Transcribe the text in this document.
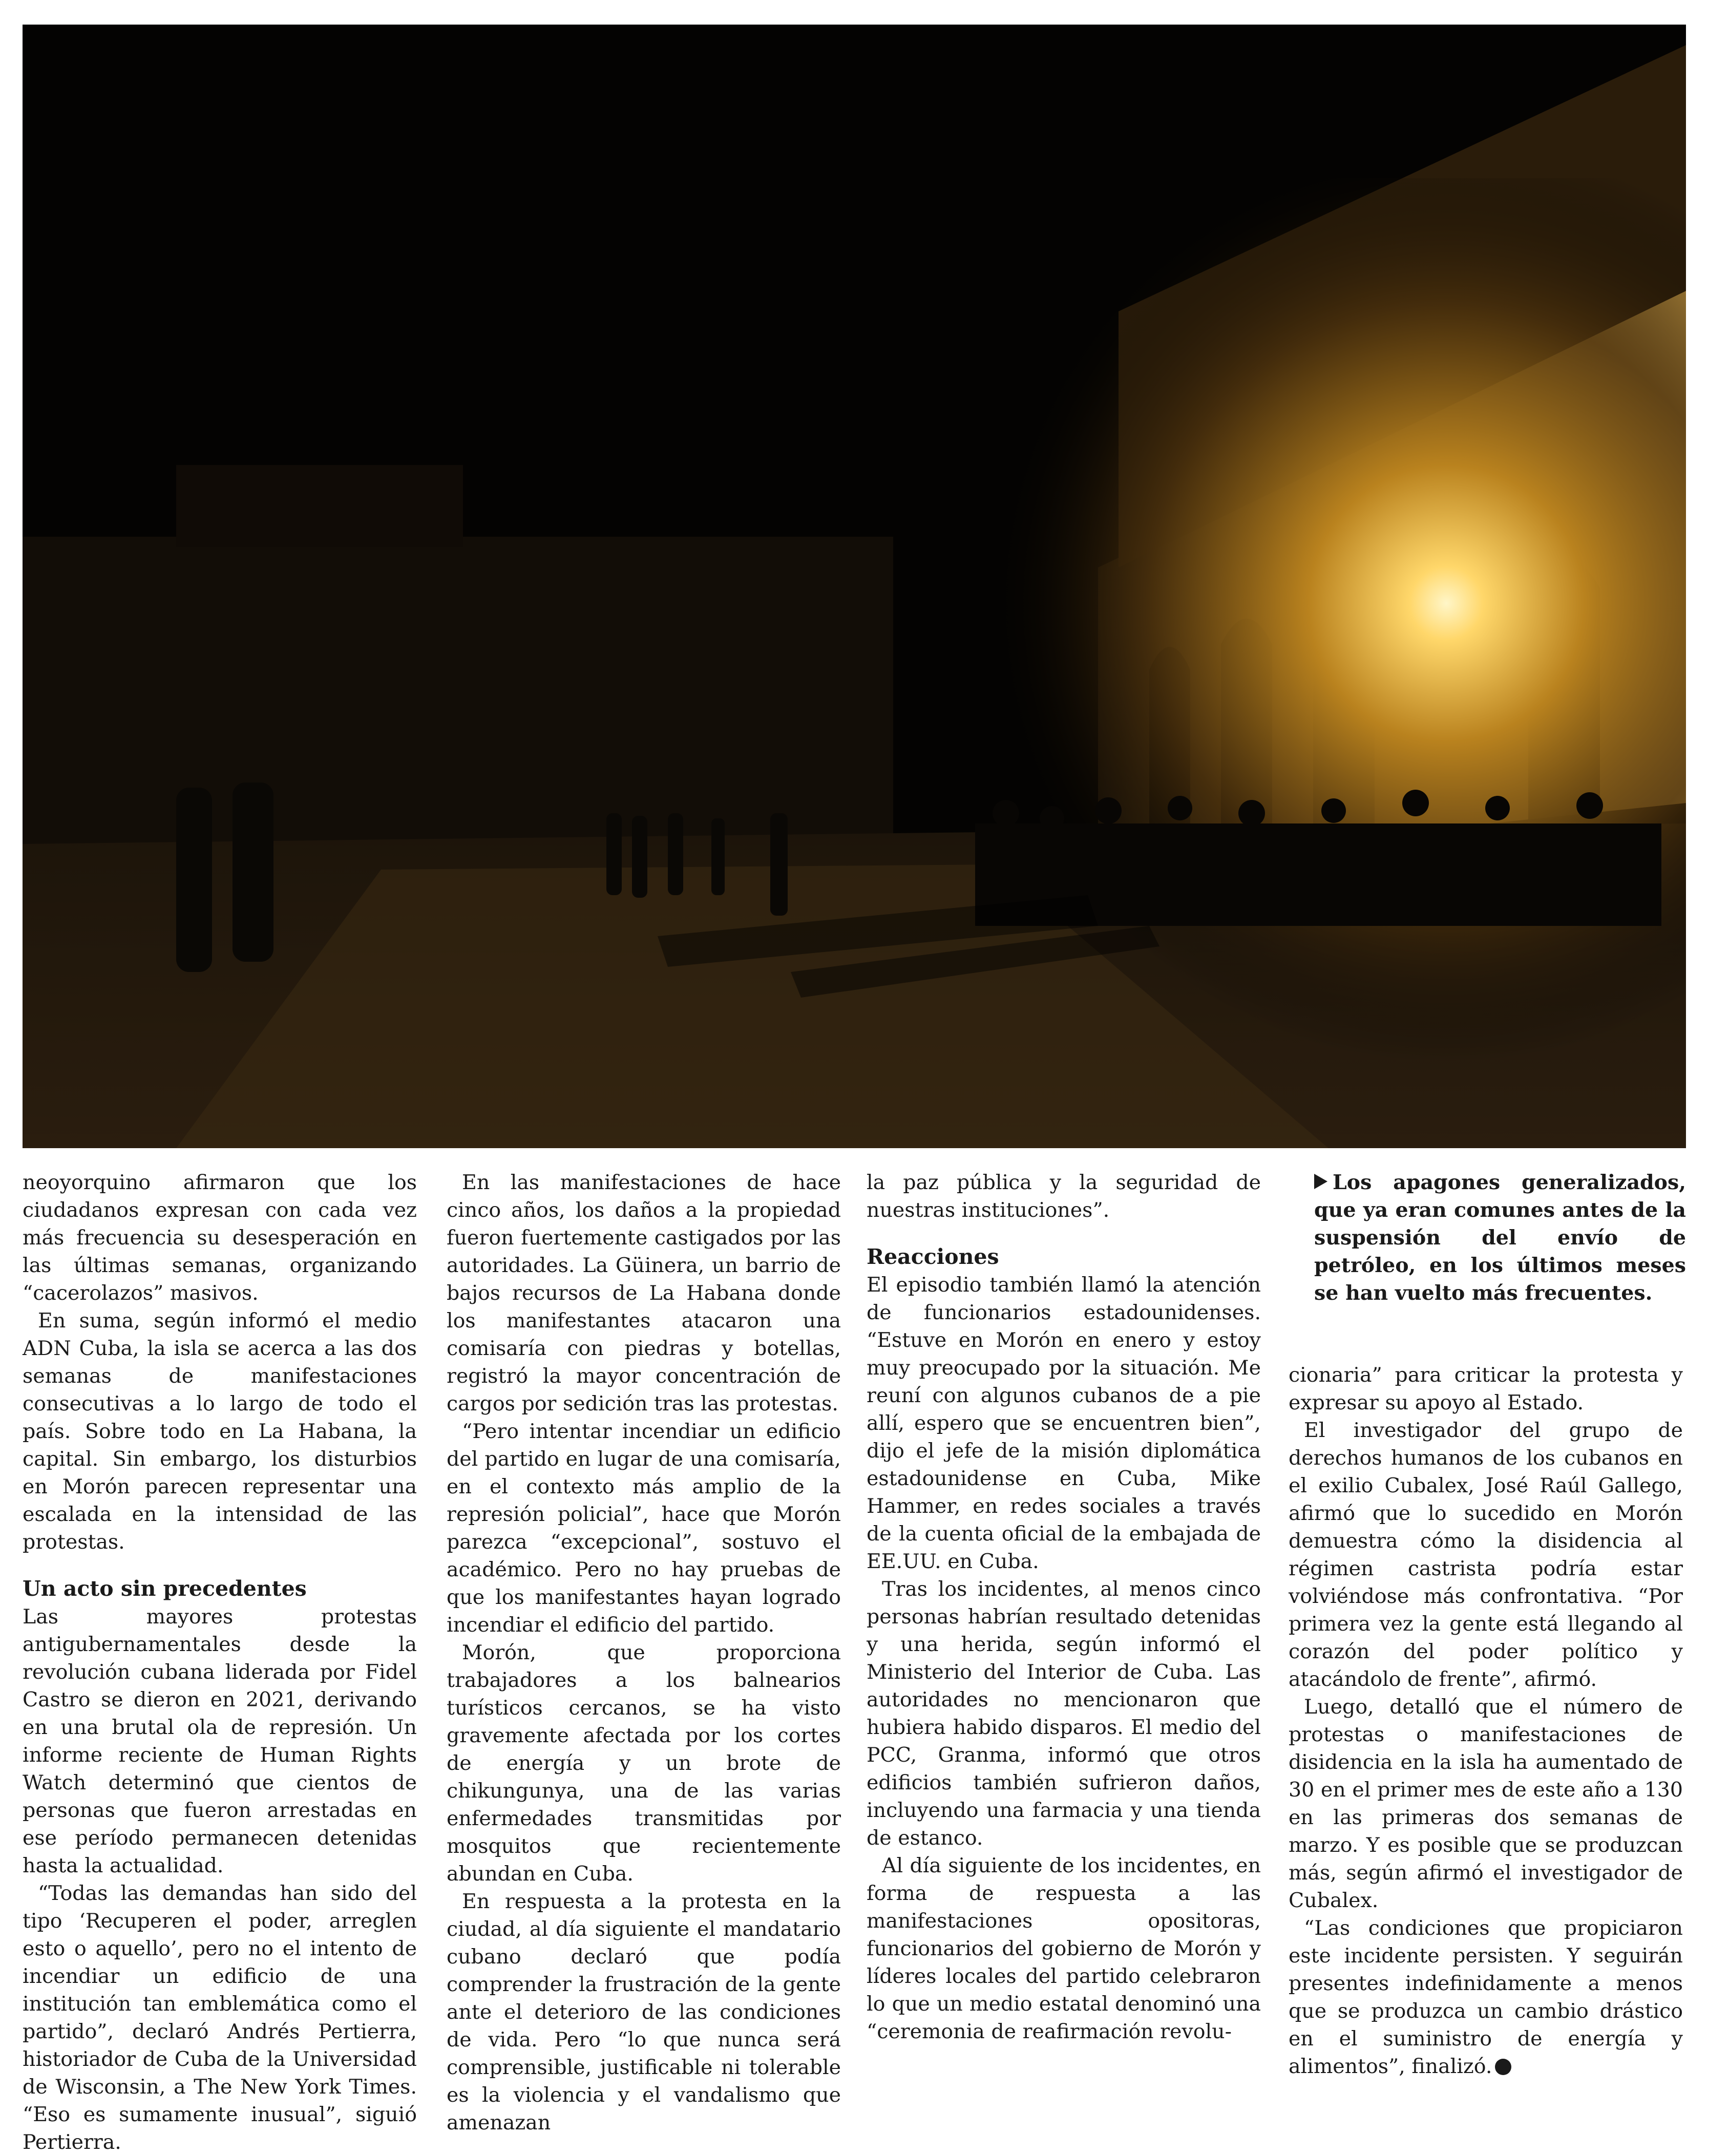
neoyorquino afirmaron que los ciudadanos expresan con cada vez más frecuencia su desesperación en las últimas semanas, organizando “cacerolazos” masivos.

En suma, según informó el medio ADN Cuba, la isla se acerca a las dos semanas de manifestaciones consecutivas a lo largo de todo el país. Sobre todo en La Habana, la capital. Sin embargo, los disturbios en Morón parecen representar una escalada en la intensidad de las protestas.

Un acto sin precedentes

Las mayores protestas antigubernamentales desde la revolución cubana liderada por Fidel Castro se dieron en 2021, derivando en una brutal ola de represión. Un informe reciente de Human Rights Watch determinó que cientos de personas que fueron arrestadas en ese período permanecen detenidas hasta la actualidad.

“Todas las demandas han sido del tipo ‘Recuperen el poder, arreglen esto o aquello’, pero no el intento de incendiar un edificio de una institución tan emblemática como el partido”, declaró Andrés Pertierra, historiador de Cuba de la Universidad de Wisconsin, a The New York Times. “Eso es sumamente inusual”, siguió Pertierra.

En las manifestaciones de hace cinco años, los daños a la propiedad fueron fuertemente castigados por las autoridades. La Güinera, un barrio de bajos recursos de La Habana donde los manifestantes atacaron una comisaría con piedras y botellas, registró la mayor concentración de cargos por sedición tras las protestas.

“Pero intentar incendiar un edificio del partido en lugar de una comisaría, en el contexto más amplio de la represión policial”, hace que Morón parezca “excepcional”, sostuvo el académico. Pero no hay pruebas de que los manifestantes hayan logrado incendiar el edificio del partido.

Morón, que proporciona trabajadores a los balnearios turísticos cercanos, se ha visto gravemente afectada por los cortes de energía y un brote de chikungunya, una de las varias enfermedades transmitidas por mosquitos que recientemente abundan en Cuba.

En respuesta a la protesta en la ciudad, al día siguiente el mandatario cubano declaró que podía comprender la frustración de la gente ante el deterioro de las condiciones de vida. Pero “lo que nunca será comprensible, justificable ni tolerable es la violencia y el vandalismo que amenazan

la paz pública y la seguridad de nuestras instituciones”.

Reacciones

El episodio también llamó la atención de funcionarios estadounidenses. “Estuve en Morón en enero y estoy muy preocupado por la situación. Me reuní con algunos cubanos de a pie allí, espero que se encuentren bien”, dijo el jefe de la misión diplomática estadounidense en Cuba, Mike Hammer, en redes sociales a través de la cuenta oficial de la embajada de EE.UU. en Cuba.

Tras los incidentes, al menos cinco personas habrían resultado detenidas y una herida, según informó el Ministerio del Interior de Cuba. Las autoridades no mencionaron que hubiera habido disparos. El medio del PCC, Granma, informó que otros edificios también sufrieron daños, incluyendo una farmacia y una tienda de estanco.

Al día siguiente de los incidentes, en forma de respuesta a las manifestaciones opositoras, funcionarios del gobierno de Morón y líderes locales del partido celebraron lo que un medio estatal denominó una “ceremonia de reafirmación revolu-

Los apagones generalizados, que ya eran comunes antes de la suspensión del envío de petróleo, en los últimos meses se han vuelto más frecuentes.

cionaria” para criticar la protesta y expresar su apoyo al Estado.

El investigador del grupo de derechos humanos de los cubanos en el exilio Cubalex, José Raúl Gallego, afirmó que lo sucedido en Morón demuestra cómo la disidencia al régimen castrista podría estar volviéndose más confrontativa. “Por primera vez la gente está llegando al corazón del poder político y atacándolo de frente”, afirmó.

Luego, detalló que el número de protestas o manifestaciones de disidencia en la isla ha aumentado de 30 en el primer mes de este año a 130 en las primeras dos semanas de marzo. Y es posible que se produzcan más, según afirmó el investigador de Cubalex.

“Las condiciones que propiciaron este incidente persisten. Y seguirán presentes indefinidamente a menos que se produzca un cambio drástico en el suministro de energía y alimentos”, finalizó.
